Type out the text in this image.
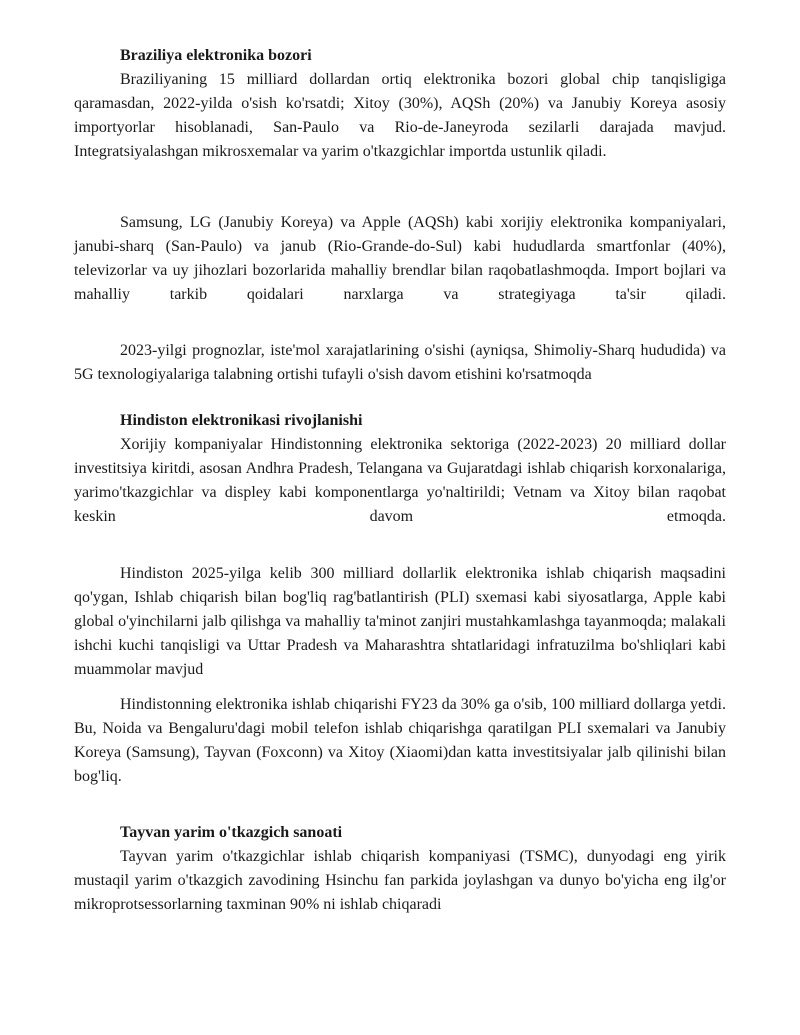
Braziliya elektronika bozori

Braziliyaning 15 milliard dollardan ortiq elektronika bozori global chip tanqisligiga qaramasdan, 2022-yilda o'sish ko'rsatdi; Xitoy (30%), AQSh (20%) va Janubiy Koreya asosiy importyorlar hisoblanadi, San-Paulo va Rio-de-Janeyroda sezilarli darajada mavjud. Integratsiyalashgan mikrosxemalar va yarim o'tkazgichlar importda ustunlik qiladi.

Samsung, LG (Janubiy Koreya) va Apple (AQSh) kabi xorijiy elektronika kompaniyalari, janubi-sharq (San-Paulo) va janub (Rio-Grande-do-Sul) kabi hududlarda smartfonlar (40%), televizorlar va uy jihozlari bozorlarida mahalliy brendlar bilan raqobatlashmoqda. Import bojlari va mahalliy tarkib qoidalari narxlarga va strategiyaga ta'sir qiladi.

2023-yilgi prognozlar, iste'mol xarajatlarining o'sishi (ayniqsa, Shimoliy-Sharq hududida) va 5G texnologiyalariga talabning ortishi tufayli o'sish davom etishini ko'rsatmoqda

Hindiston elektronikasi rivojlanishi

Xorijiy kompaniyalar Hindistonning elektronika sektoriga (2022-2023) 20 milliard dollar investitsiya kiritdi, asosan Andhra Pradesh, Telangana va Gujaratdagi ishlab chiqarish korxonalariga, yarimo'tkazgichlar va displey kabi komponentlarga yo'naltirildi; Vetnam va Xitoy bilan raqobat keskin davom etmoqda.

Hindiston 2025-yilga kelib 300 milliard dollarlik elektronika ishlab chiqarish maqsadini qo'ygan, Ishlab chiqarish bilan bog'liq rag'batlantirish (PLI) sxemasi kabi siyosatlarga, Apple kabi global o'yinchilarni jalb qilishga va mahalliy ta'minot zanjiri mustahkamlashga tayanmoqda; malakali ishchi kuchi tanqisligi va Uttar Pradesh va Maharashtra shtatlaridagi infratuzilma bo'shliqlari kabi muammolar mavjud

Hindistonning elektronika ishlab chiqarishi FY23 da 30% ga o'sib, 100 milliard dollarga yetdi. Bu, Noida va Bengaluru'dagi mobil telefon ishlab chiqarishga qaratilgan PLI sxemalari va Janubiy Koreya (Samsung), Tayvan (Foxconn) va Xitoy (Xiaomi)dan katta investitsiyalar jalb qilinishi bilan bog'liq.

Tayvan yarim o'tkazgich sanoati

Tayvan yarim o'tkazgichlar ishlab chiqarish kompaniyasi (TSMC), dunyodagi eng yirik mustaqil yarim o'tkazgich zavodining Hsinchu fan parkida joylashgan va dunyo bo'yicha eng ilg'or mikroprotsessorlarning taxminan 90% ni ishlab chiqaradi
